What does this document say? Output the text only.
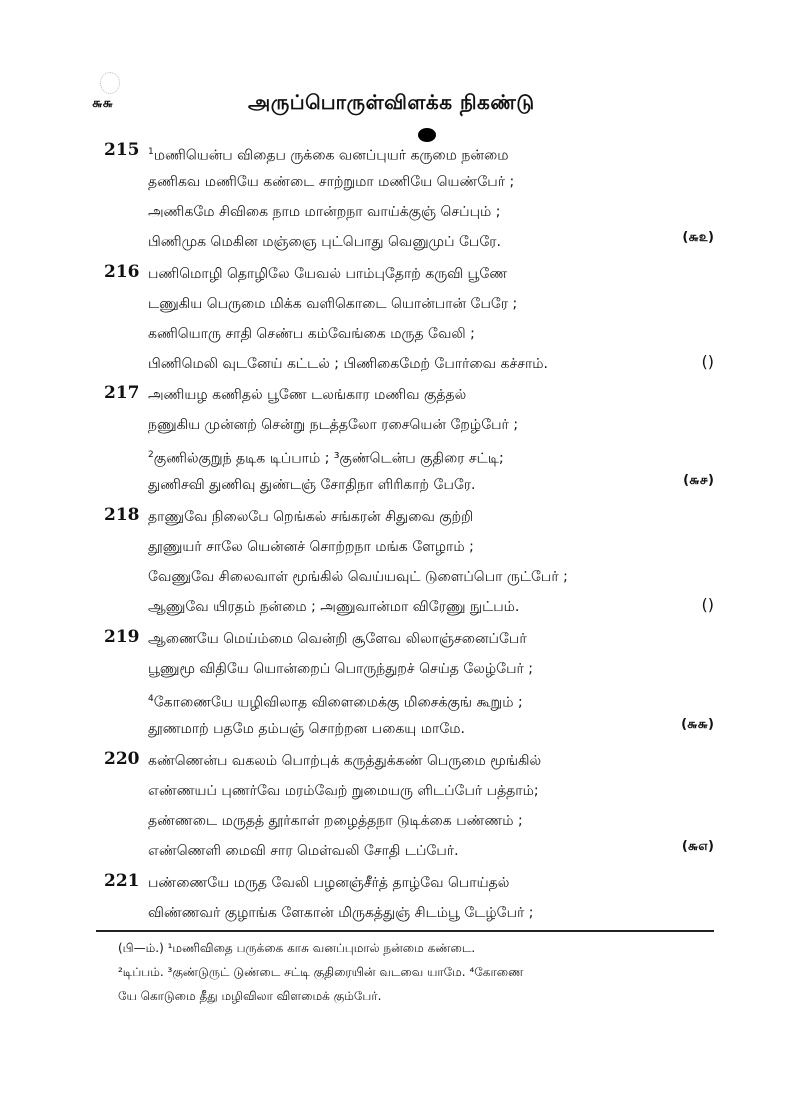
௬௬	அருப்பொருள்விளக்க நிகண்டு
215 $^1$மணியென்ப விதைப ருக்கை வனப்புயர் கருமை நன்மை
தணிகவ மணியே கண்டை சாற்றுமா மணியே யெண்பேர் ;
அணிகமே சிவிகை நாம மான்றநா வாய்க்குஞ் செப்பும் ;
பிணிமுக மெகின மஞ்ஞை புட்பொது வெனுமுப் பேரே.	(௬௨)
216 பணிமொழி தொழிலே யேவல் பாம்புதோற் கருவி பூணே
டணுகிய பெருமை மிக்க வளிகொடை யொன்பான் பேரே ;
கணியொரு சாதி செண்ப கம்வேங்கை மருத வேலி ;
பிணிமெலி வுடனேய் கட்டல் ; பிணிகைமேற் போர்வை கச்சாம்.	()
217 அணியழ கணிதல் பூணே டலங்கார மணிவ குத்தல்
நணுகிய முன்னற் சென்று நடத்தலோ ரசையென் றேழ்பேர் ;
$^2$குணில்குறுந் தடிக டிப்பாம் ; ³குண்டென்ப குதிரை சட்டி;
துணிசவி துணிவு துண்டஞ் சோதிநா ளிரிகாற் பேரே.	(௬௪)
218 தாணுவே நிலைபே றெங்கல் சங்கரன் சிதுவை குற்றி
தூணுயர் சாலே யென்னச் சொற்றநா மங்க ளேழாம் ;
வேணுவே சிலைவாள் மூங்கில் வெய்யவுட் டுளைப்பொ ருட்பேர் ;
ஆணுவே யிரதம் நன்மை ; அணுவான்மா விரேணு நுட்பம்.	()
219 ஆணையே மெய்ம்மை வென்றி சூளேவ லிலாஞ்சனைப்பேர்
பூணுமூ விதியே யொன்றைப் பொருந்துறச் செய்த லேழ்பேர் ;
$^4$கோணையே யழிவிலாத விளைமைக்கு மிசைக்குங் கூறும் ;
தூணமாற் பதமே தம்பஞ் சொற்றன பகையு மாமே.	(௬௬)
220 கண்ணென்ப வகலம் பொற்புக் கருத்துக்கண் பெருமை மூங்கில்
எண்ணயப் புணர்வே மரம்வேற் றுமையரு ளிடப்பேர் பத்தாம்;
தண்ணடை மருதத் தூர்காள் றழைத்தநா டுடிக்கை பண்ணம் ;
எண்ணெளி மைவி சார மெள்வலி சோதி டப்பேர்.	(௬௭)
221 பண்ணையே மருத வேலி பழனஞ்சீர்த் தாழ்வே பொய்தல்
விண்ணவர் குழாங்க ளேகான் மிருகத்துஞ் சிடம்பூ டேழ்பேர் ;
(பி—ம்.) ¹மணிவிதை பருக்கை காசு வனப்புமால் நன்மை கண்டை.
²டிப்பம். ³குண்டுருட் டுண்டை சட்டி குதிரையின் வடவை யாமே. ⁴கோணை
யே கொடுமை தீது மழிவிலா விளமைக் கும்பேர்.
